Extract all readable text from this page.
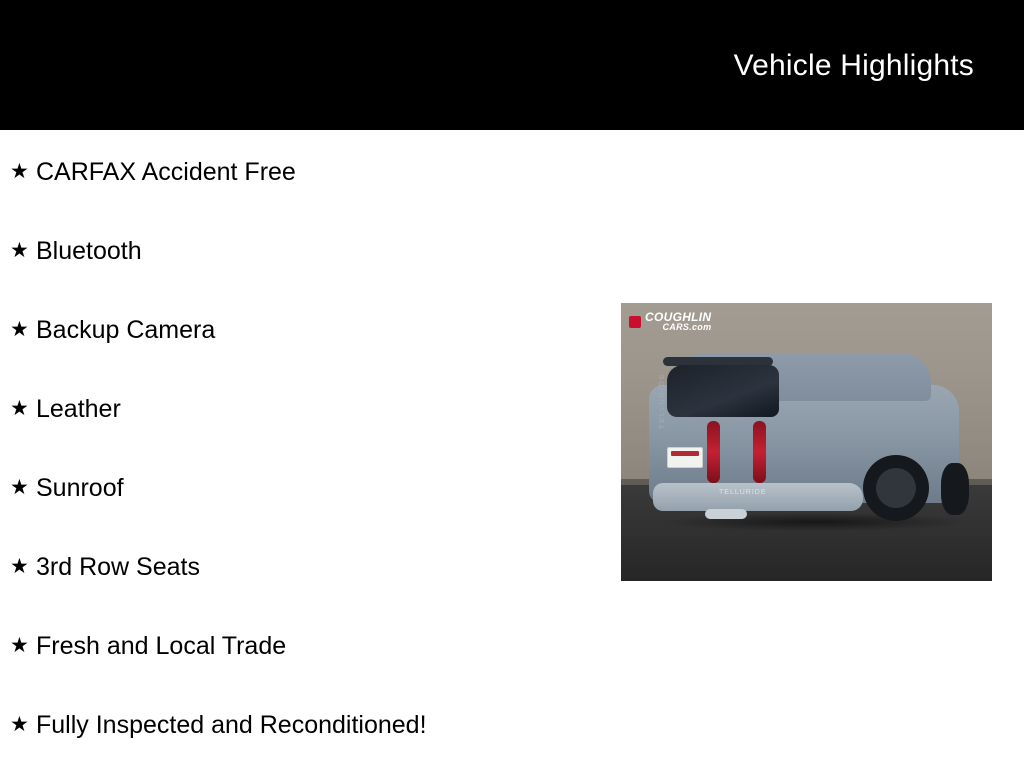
Vehicle Highlights
★ CARFAX Accident Free
★ Bluetooth
★ Backup Camera
★ Leather
★ Sunroof
★ 3rd Row Seats
★ Fresh and Local Trade
★ Fully Inspected and Reconditioned!
COUGHLIN
CARS.com
TELLURIDE
TELLURIDE
